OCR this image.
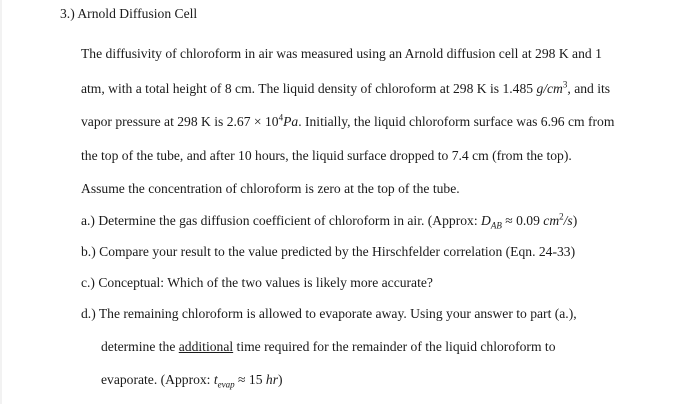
3.) Arnold Diffusion Cell
The diffusivity of chloroform in air was measured using an Arnold diffusion cell at 298 K and 1
atm, with a total height of 8 cm. The liquid density of chloroform at 298 K is 1.485 $g/cm^3$, and its
vapor pressure at 298 K is $2.67 \times 10^4Pa$. Initially, the liquid chloroform surface was 6.96 cm from
the top of the tube, and after 10 hours, the liquid surface dropped to 7.4 cm (from the top).
Assume the concentration of chloroform is zero at the top of the tube.
a.) Determine the gas diffusion coefficient of chloroform in air. (Approx: $D_{AB} \approx 0.09$ $cm^2/s$)
b.) Compare your result to the value predicted by the Hirschfelder correlation (Eqn. 24-33)
c.) Conceptual: Which of the two values is likely more accurate?
d.) The remaining chloroform is allowed to evaporate away. Using your answer to part (a.),
determine the additional time required for the remainder of the liquid chloroform to
evaporate. (Approx: $t_{evap} \approx 15$ hr)
